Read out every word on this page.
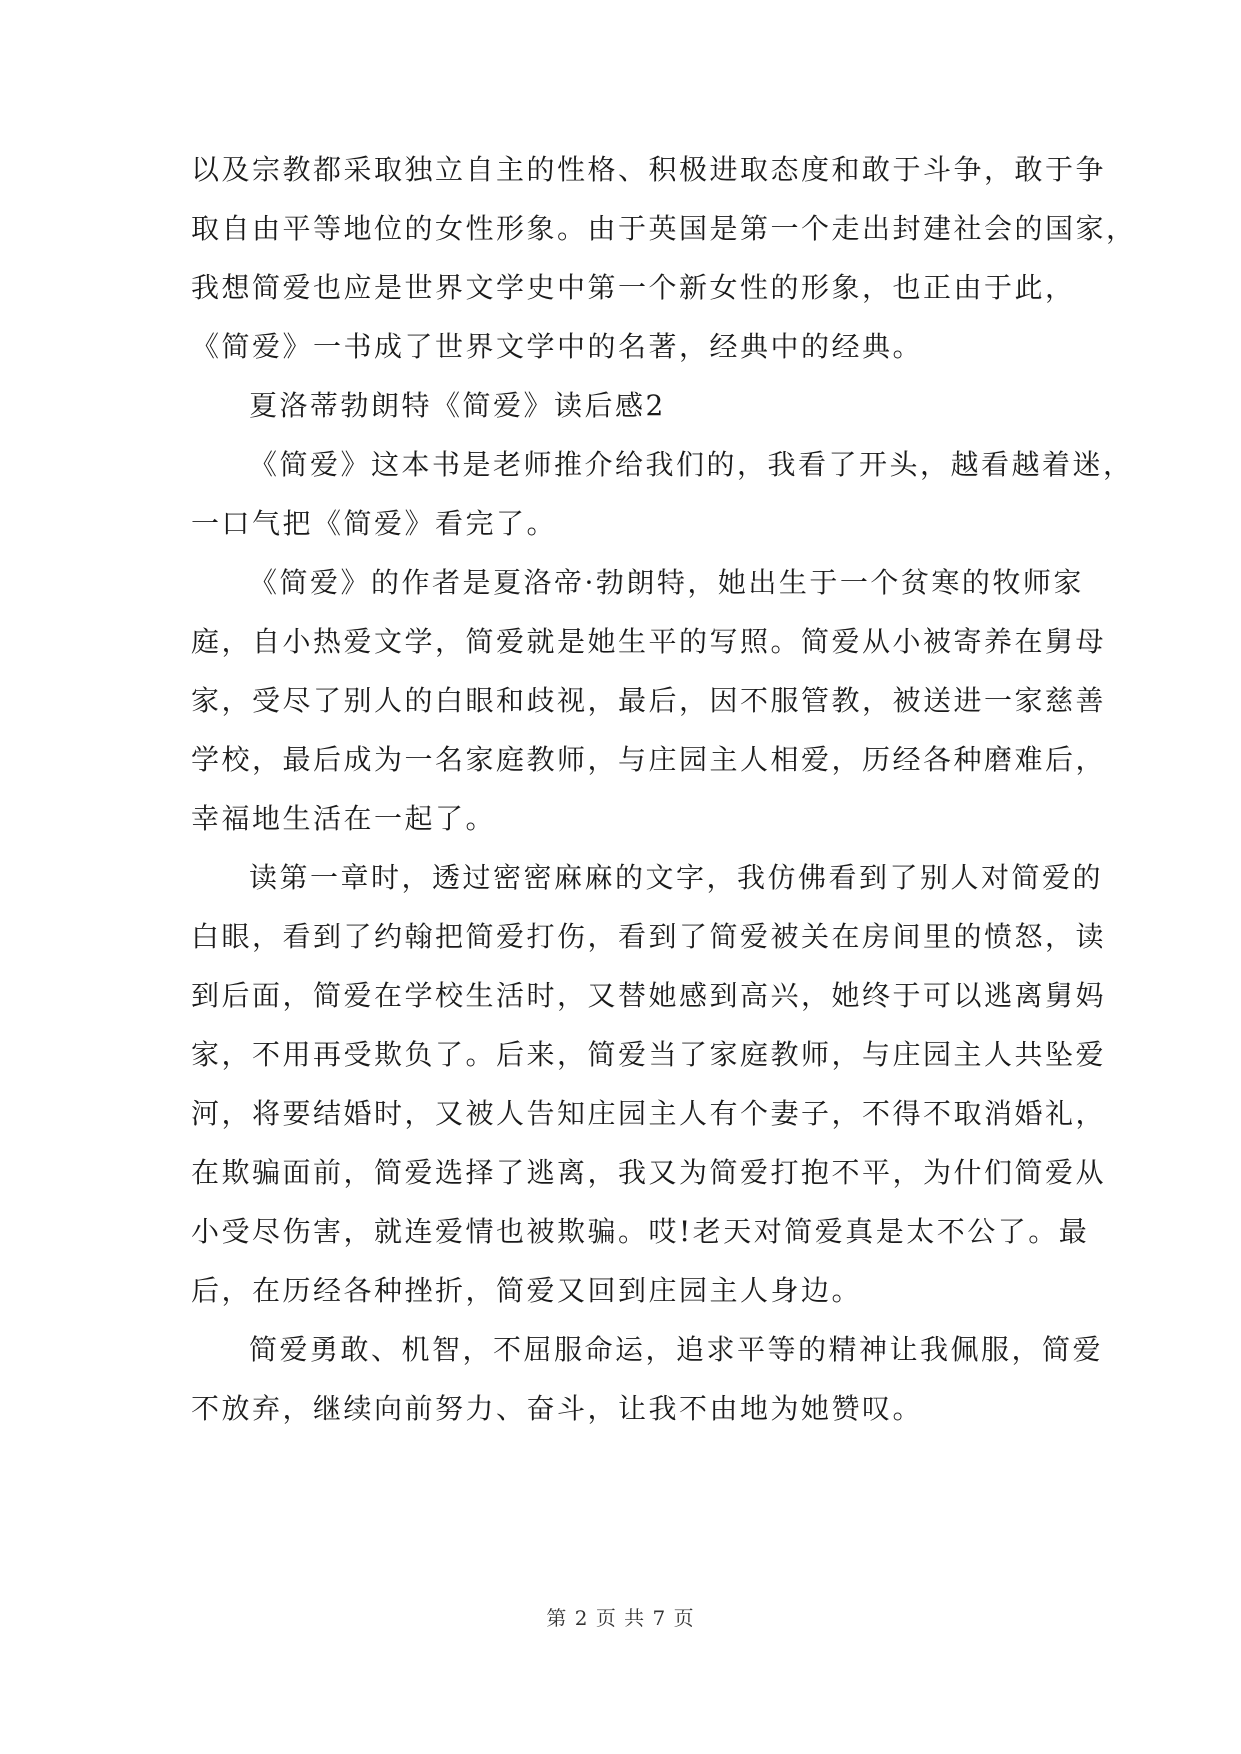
以及宗教都采取独立自主的性格、积极进取态度和敢于斗争，敢于争
取自由平等地位的女性形象。由于英国是第一个走出封建社会的国家，
我想简爱也应是世界文学史中第一个新女性的形象，也正由于此，
《简爱》一书成了世界文学中的名著，经典中的经典。
夏洛蒂勃朗特《简爱》读后感2
《简爱》这本书是老师推介给我们的，我看了开头，越看越着迷，
一口气把《简爱》看完了。
《简爱》的作者是夏洛帝·勃朗特，她出生于一个贫寒的牧师家
庭，自小热爱文学，简爱就是她生平的写照。简爱从小被寄养在舅母
家，受尽了别人的白眼和歧视，最后，因不服管教，被送进一家慈善
学校，最后成为一名家庭教师，与庄园主人相爱，历经各种磨难后，
幸福地生活在一起了。
读第一章时，透过密密麻麻的文字，我仿佛看到了别人对简爱的
白眼，看到了约翰把简爱打伤，看到了简爱被关在房间里的愤怒，读
到后面，简爱在学校生活时，又替她感到高兴，她终于可以逃离舅妈
家，不用再受欺负了。后来，简爱当了家庭教师，与庄园主人共坠爱
河，将要结婚时，又被人告知庄园主人有个妻子，不得不取消婚礼，
在欺骗面前，简爱选择了逃离，我又为简爱打抱不平，为什们简爱从
小受尽伤害，就连爱情也被欺骗。哎!老天对简爱真是太不公了。最
后，在历经各种挫折，简爱又回到庄园主人身边。
简爱勇敢、机智，不屈服命运，追求平等的精神让我佩服，简爱
不放弃，继续向前努力、奋斗，让我不由地为她赞叹。
第 2 页 共 7 页
